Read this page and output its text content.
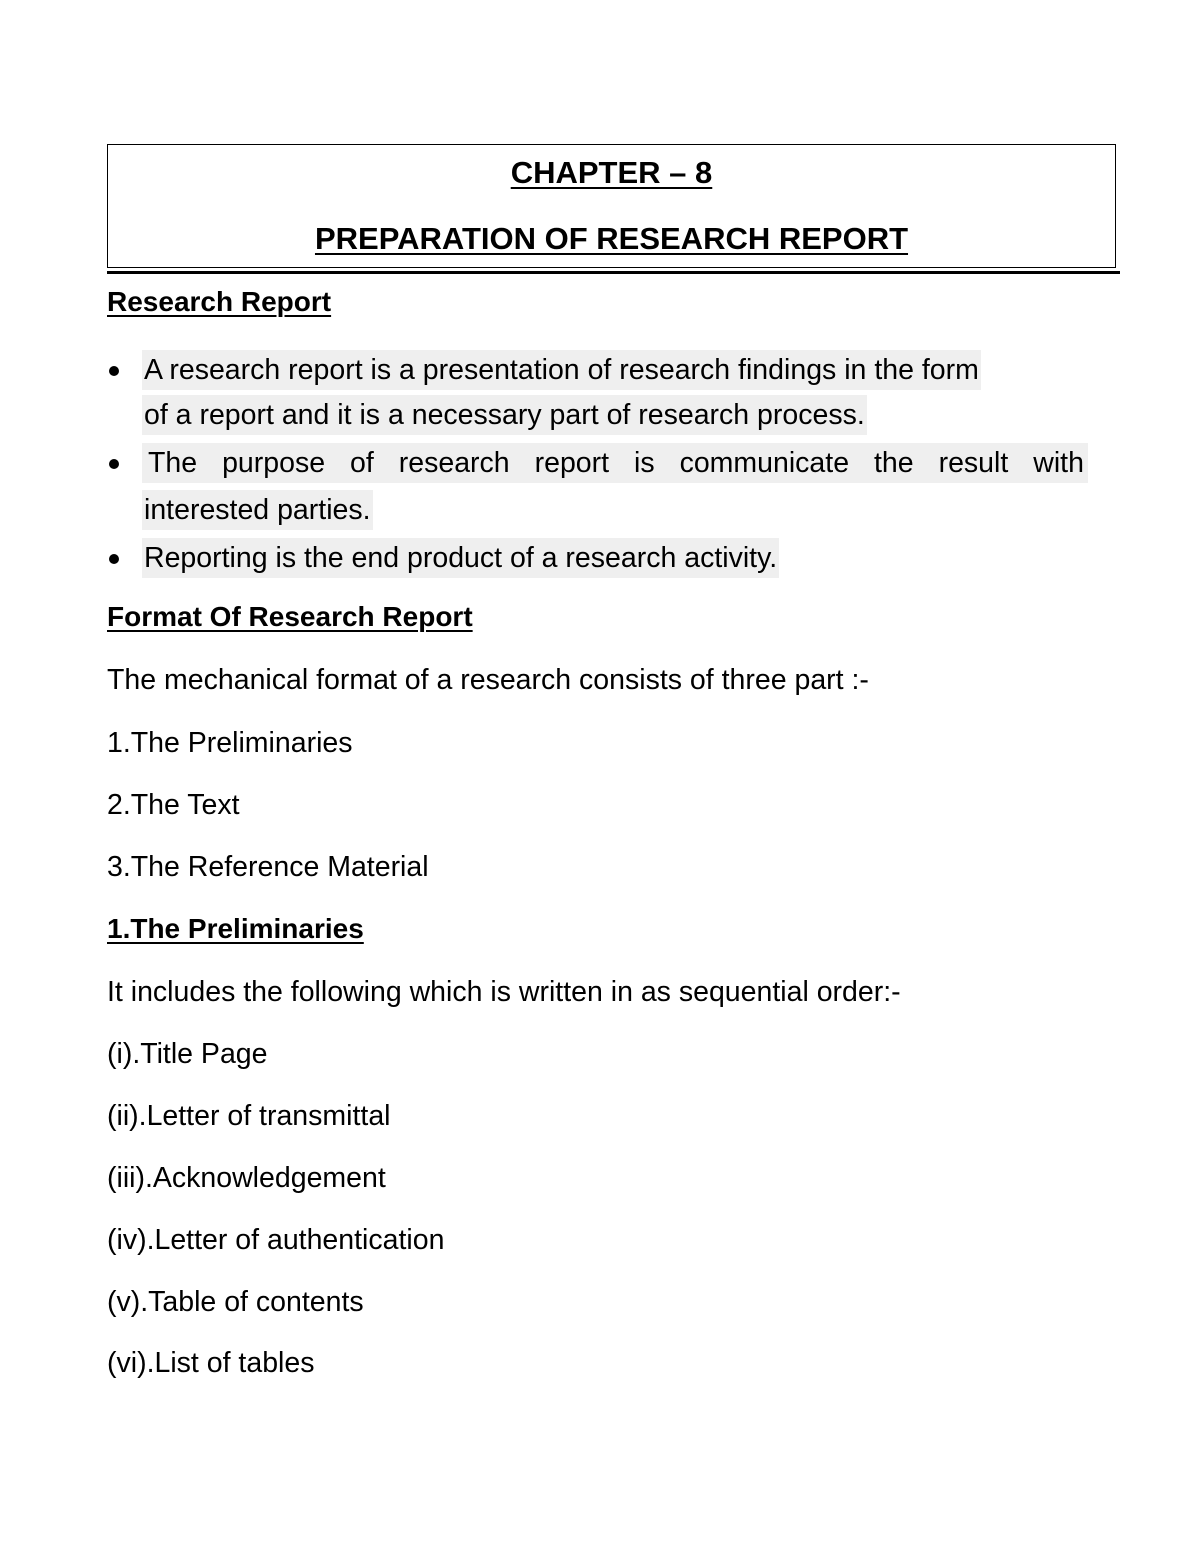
CHAPTER – 8
PREPARATION OF RESEARCH REPORT
Research Report
A research report is a presentation of research findings in the form
of a report and it is a necessary part of research process.
The purpose of research report is communicate the result with
interested parties.
Reporting is the end product of a research activity.
Format Of Research Report
The mechanical format of a research consists of three part :-
1.The Preliminaries
2.The Text
3.The Reference Material
1.The Preliminaries
It includes the following which is written in as sequential order:-
(i).Title Page
(ii).Letter of transmittal
(iii).Acknowledgement
(iv).Letter of authentication
(v).Table of contents
(vi).List of tables
